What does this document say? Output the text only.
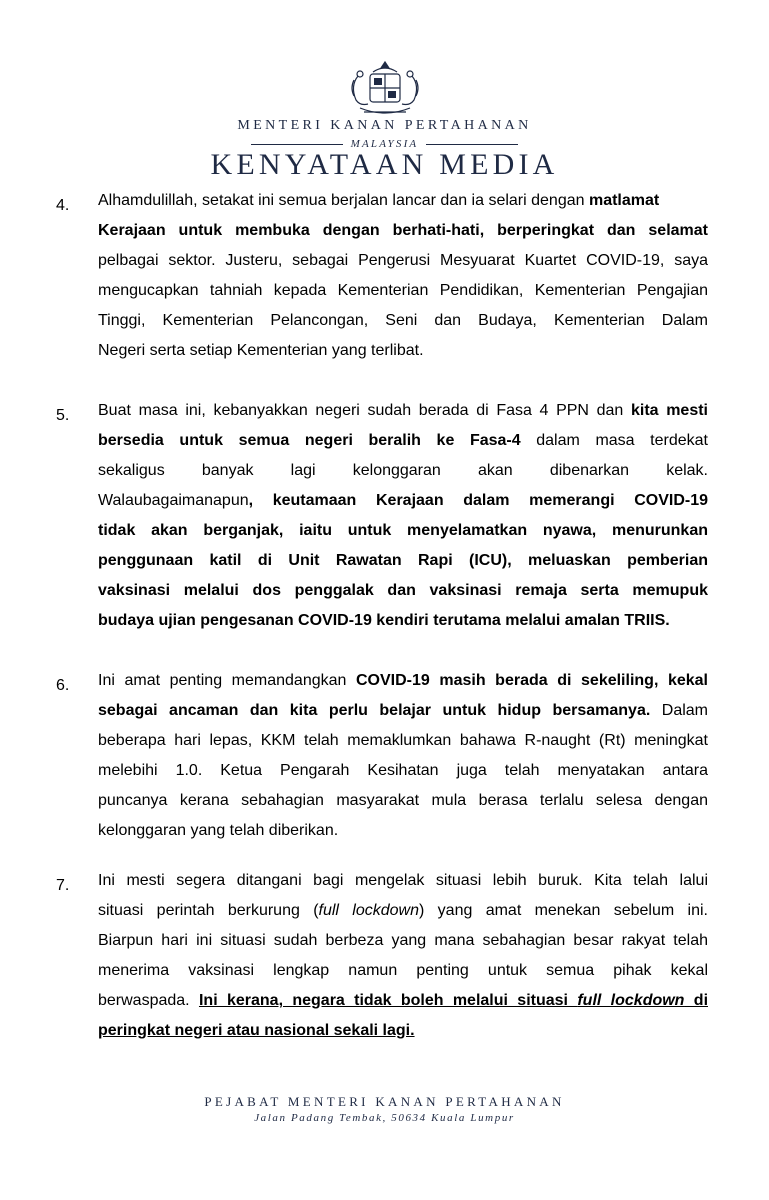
MENTERI KANAN PERTAHANAN
MALAYSIA
KENYATAAN MEDIA
4. Alhamdulillah, setakat ini semua berjalan lancar dan ia selari dengan matlamat
Kerajaan untuk membuka dengan berhati-hati, berperingkat dan selamat
pelbagai sektor. Justeru, sebagai Pengerusi Mesyuarat Kuartet COVID-19, saya
mengucapkan tahniah kepada Kementerian Pendidikan, Kementerian Pengajian
Tinggi, Kementerian Pelancongan, Seni dan Budaya, Kementerian Dalam
Negeri serta setiap Kementerian yang terlibat.
5. Buat masa ini, kebanyakkan negeri sudah berada di Fasa 4 PPN dan kita mesti
bersedia untuk semua negeri beralih ke Fasa-4 dalam masa terdekat
sekaligus banyak lagi kelonggaran akan dibenarkan kelak.
Walaubagaimanapun, keutamaan Kerajaan dalam memerangi COVID-19
tidak akan berganjak, iaitu untuk menyelamatkan nyawa, menurunkan
penggunaan katil di Unit Rawatan Rapi (ICU), meluaskan pemberian
vaksinasi melalui dos penggalak dan vaksinasi remaja serta memupuk
budaya ujian pengesanan COVID-19 kendiri terutama melalui amalan TRIIS.
6. Ini amat penting memandangkan COVID-19 masih berada di sekeliling, kekal
sebagai ancaman dan kita perlu belajar untuk hidup bersamanya. Dalam
beberapa hari lepas, KKM telah memaklumkan bahawa R-naught (Rt) meningkat
melebihi 1.0. Ketua Pengarah Kesihatan juga telah menyatakan antara
puncanya kerana sebahagian masyarakat mula berasa terlalu selesa dengan
kelonggaran yang telah diberikan.
7. Ini mesti segera ditangani bagi mengelak situasi lebih buruk. Kita telah lalui
situasi perintah berkurung (full lockdown) yang amat menekan sebelum ini.
Biarpun hari ini situasi sudah berbeza yang mana sebahagian besar rakyat telah
menerima vaksinasi lengkap namun penting untuk semua pihak kekal
berwaspada. Ini kerana, negara tidak boleh melalui situasi full lockdown di
peringkat negeri atau nasional sekali lagi.
PEJABAT MENTERI KANAN PERTAHANAN
Jalan Padang Tembak, 50634 Kuala Lumpur
